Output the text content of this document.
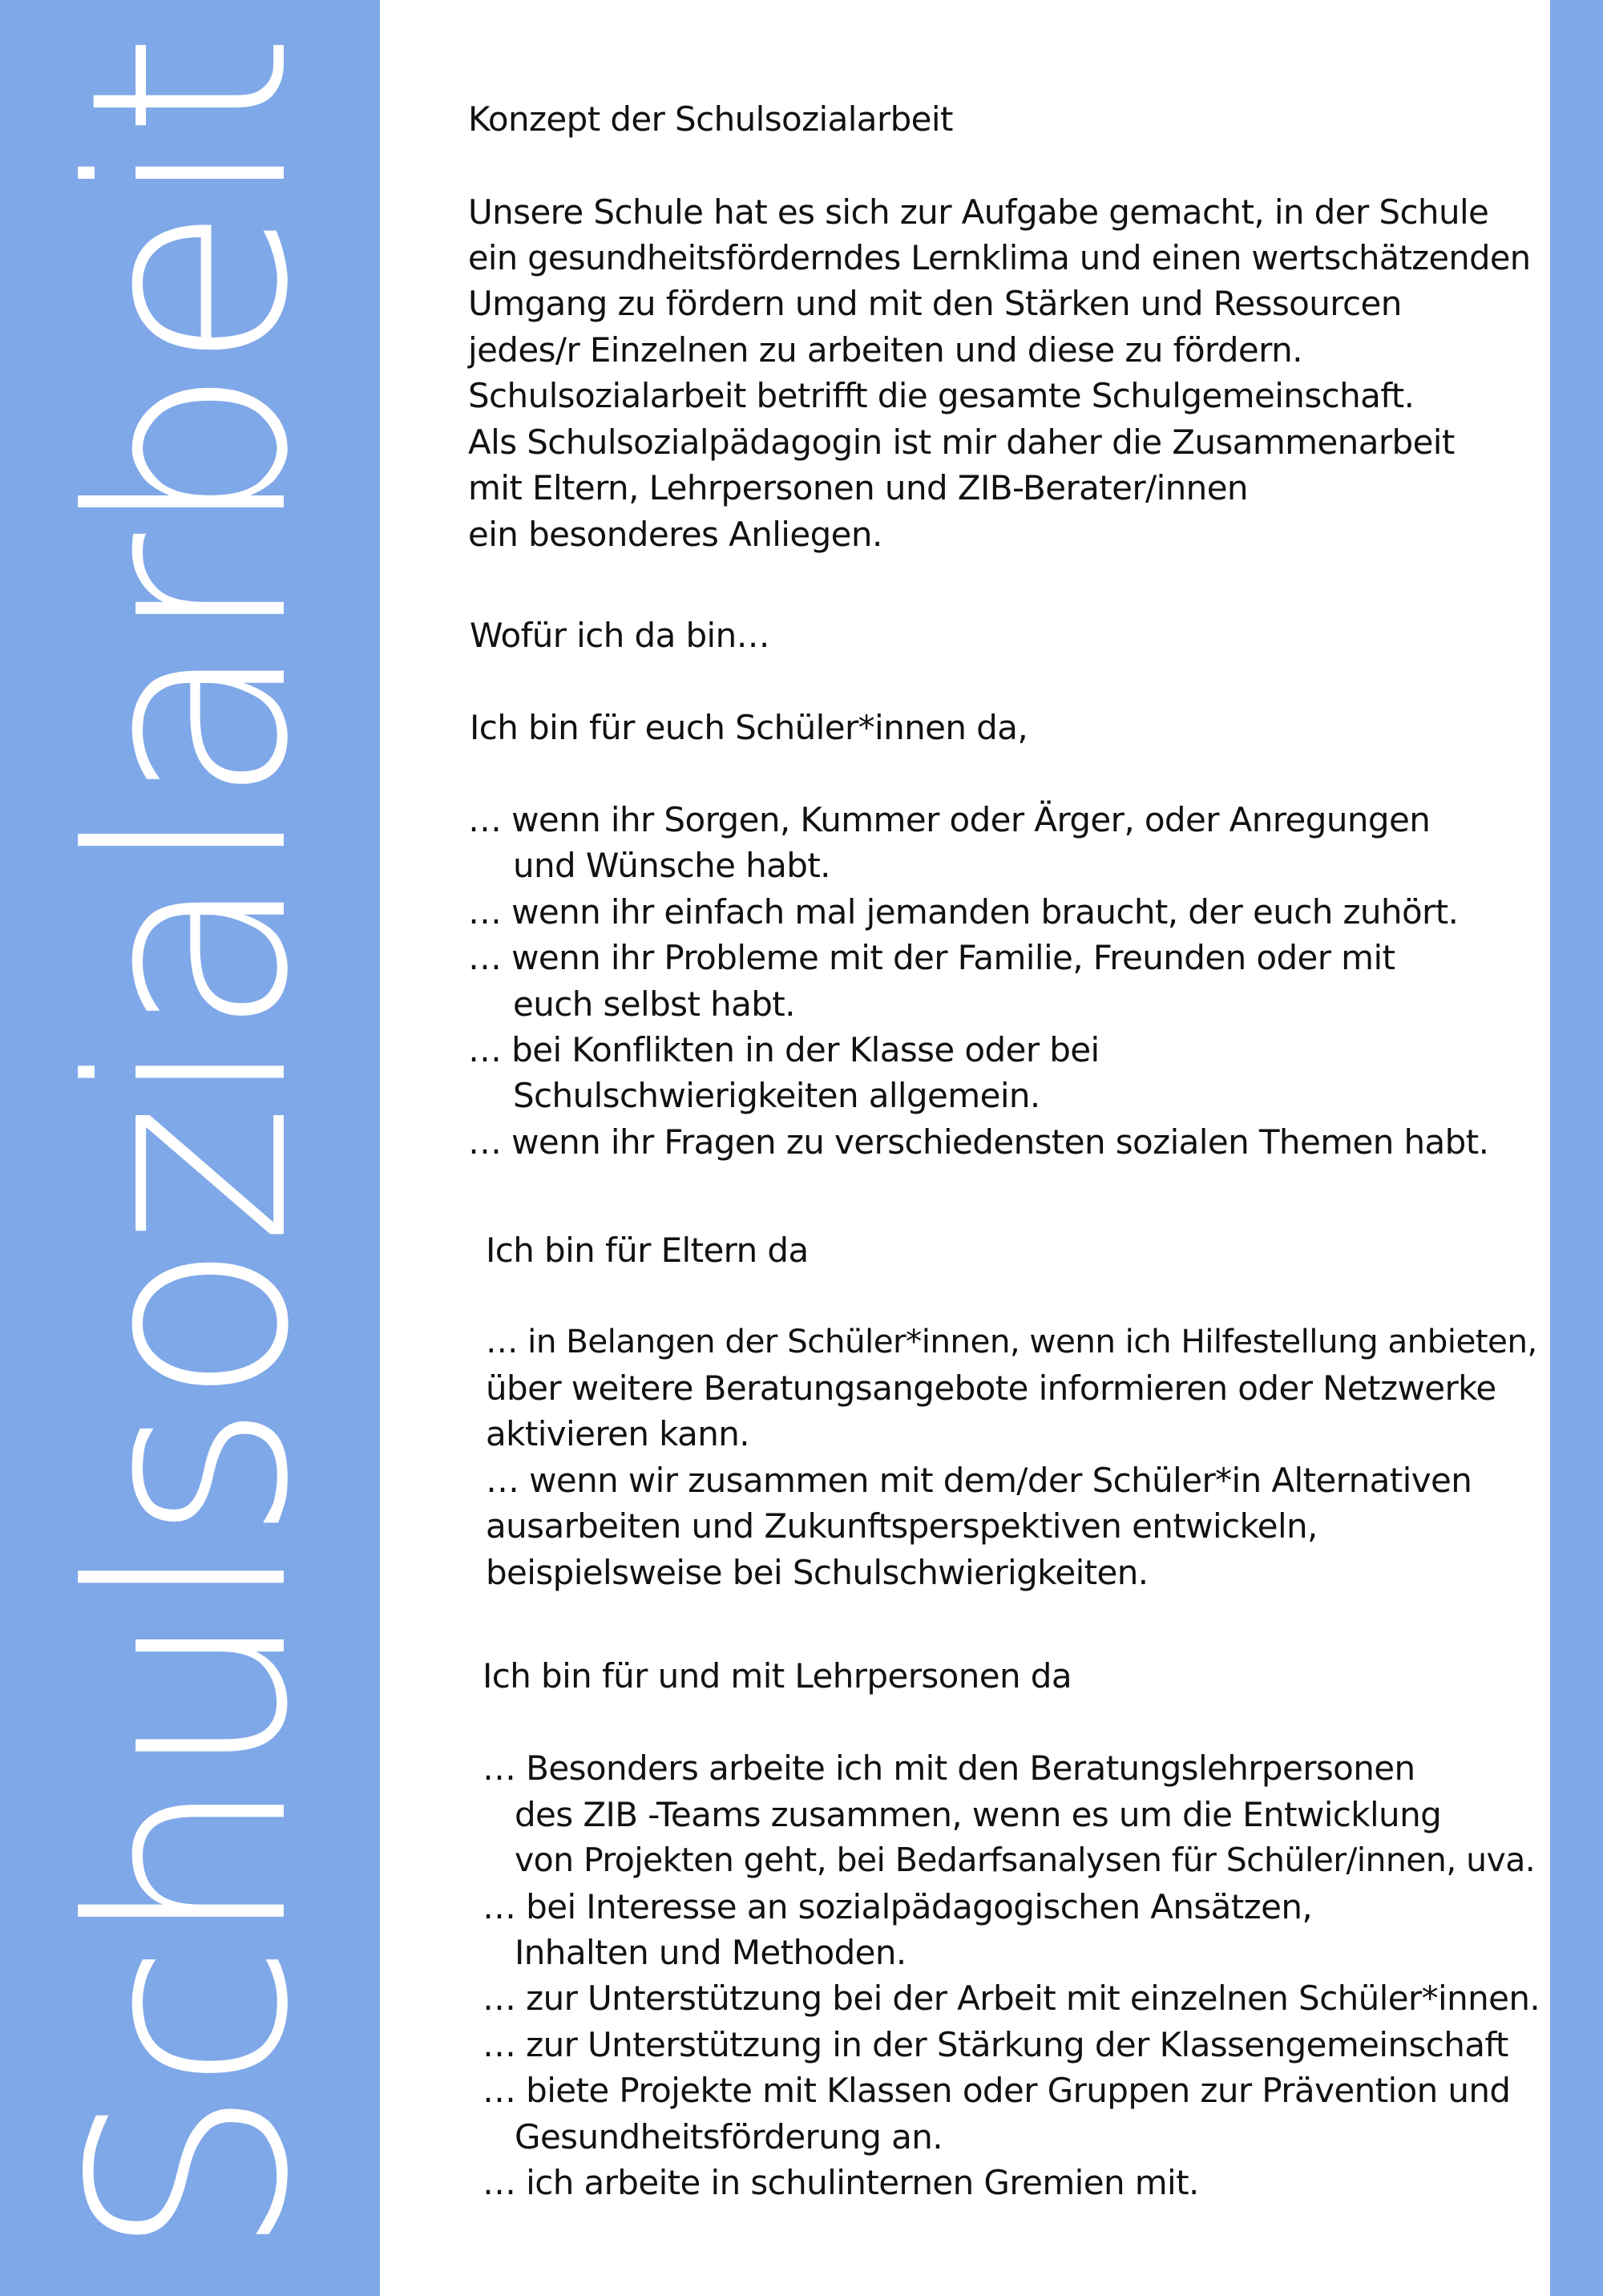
Schulsozialarbeit	Konzept der Schulsozialarbeit
Unsere Schule hat es sich zur Aufgabe gemacht, in der Schule
ein gesundheitsförderndes Lernklima und einen wertschätzenden
Umgang zu fördern und mit den Stärken und Ressourcen
jedes/r Einzelnen zu arbeiten und diese zu fördern.
Schulsozialarbeit betrifft die gesamte Schulgemeinschaft.
Als Schulsozialpädagogin ist mir daher die Zusammenarbeit
mit Eltern, Lehrpersonen und ZIB-Berater/innen
ein besonderes Anliegen.
Wofür ich da bin…
Ich bin für euch Schüler*innen da,
… wenn ihr Sorgen, Kummer oder Ärger, oder Anregungen
und Wünsche habt.
… wenn ihr einfach mal jemanden braucht, der euch zuhört.
… wenn ihr Probleme mit der Familie, Freunden oder mit
euch selbst habt.
… bei Konflikten in der Klasse oder bei
Schulschwierigkeiten allgemein.
… wenn ihr Fragen zu verschiedensten sozialen Themen habt.
Ich bin für Eltern da
… in Belangen der Schüler*innen, wenn ich Hilfestellung anbieten,
über weitere Beratungsangebote informieren oder Netzwerke
aktivieren kann.
… wenn wir zusammen mit dem/der Schüler*in Alternativen
ausarbeiten und Zukunftsperspektiven entwickeln,
beispielsweise bei Schulschwierigkeiten.
Ich bin für und mit Lehrpersonen da
… Besonders arbeite ich mit den Beratungslehrpersonen
des ZIB -Teams zusammen, wenn es um die Entwicklung
von Projekten geht, bei Bedarfsanalysen für Schüler/innen, uva.
… bei Interesse an sozialpädagogischen Ansätzen,
Inhalten und Methoden.
… zur Unterstützung bei der Arbeit mit einzelnen Schüler*innen.
… zur Unterstützung in der Stärkung der Klassengemeinschaft
… biete Projekte mit Klassen oder Gruppen zur Prävention und
Gesundheitsförderung an.
… ich arbeite in schulinternen Gremien mit.
